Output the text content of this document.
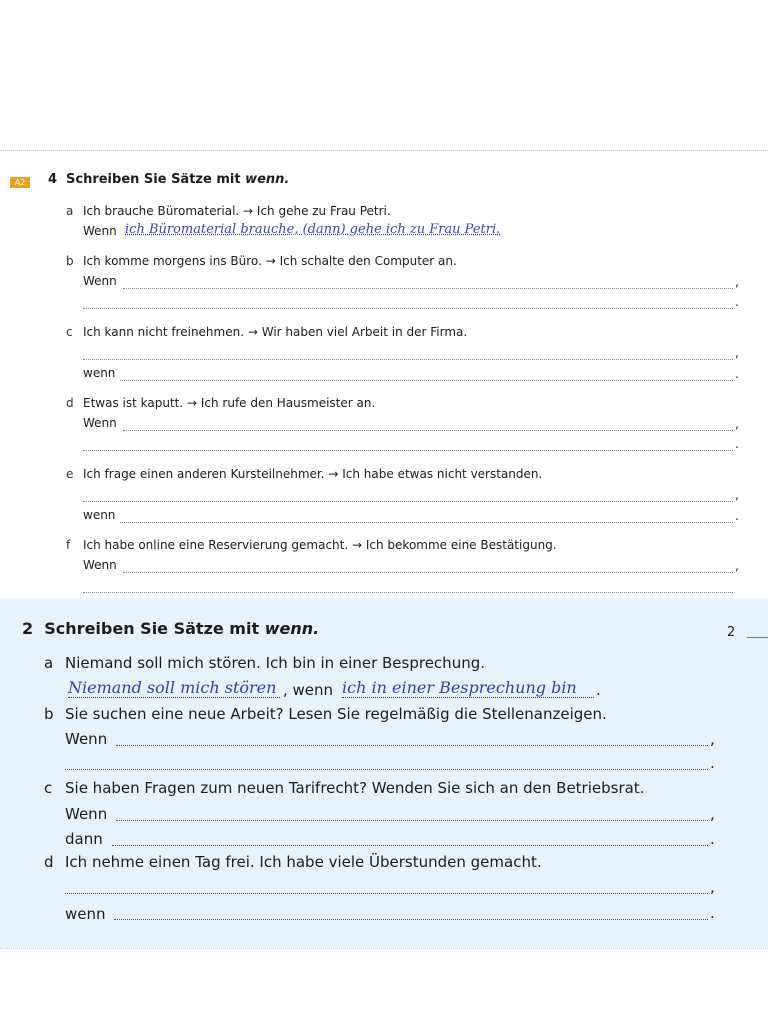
A2	4 Schreiben Sie Sätze mit wenn.
a Ich brauche Büromaterial. → Ich gehe zu Frau Petri.
Wenn ich Büromaterial brauche, (dann) gehe ich zu Frau Petri.
b Ich komme morgens ins Büro. → Ich schalte den Computer an.
Wenn	,
.
c Ich kann nicht freinehmen. → Wir haben viel Arbeit in der Firma.
,
wenn	.
d Etwas ist kaputt. → Ich rufe den Hausmeister an.
Wenn	,
.
e Ich frage einen anderen Kursteilnehmer. → Ich habe etwas nicht verstanden.
,
wenn	.
f Ich habe online eine Reservierung gemacht. → Ich bekomme eine Bestätigung.
Wenn	,
2 Schreiben Sie Sätze mit wenn.	2
a Niemand soll mich stören. Ich bin in einer Besprechung.
Niemand soll mich stören , wenn ich in einer Besprechung bin	.
b Sie suchen eine neue Arbeit? Lesen Sie regelmäßig die Stellenanzeigen.
Wenn	,
.
c Sie haben Fragen zum neuen Tarifrecht? Wenden Sie sich an den Betriebsrat.
Wenn	,
dann	.
d Ich nehme einen Tag frei. Ich habe viele Überstunden gemacht.
,
wenn	.
